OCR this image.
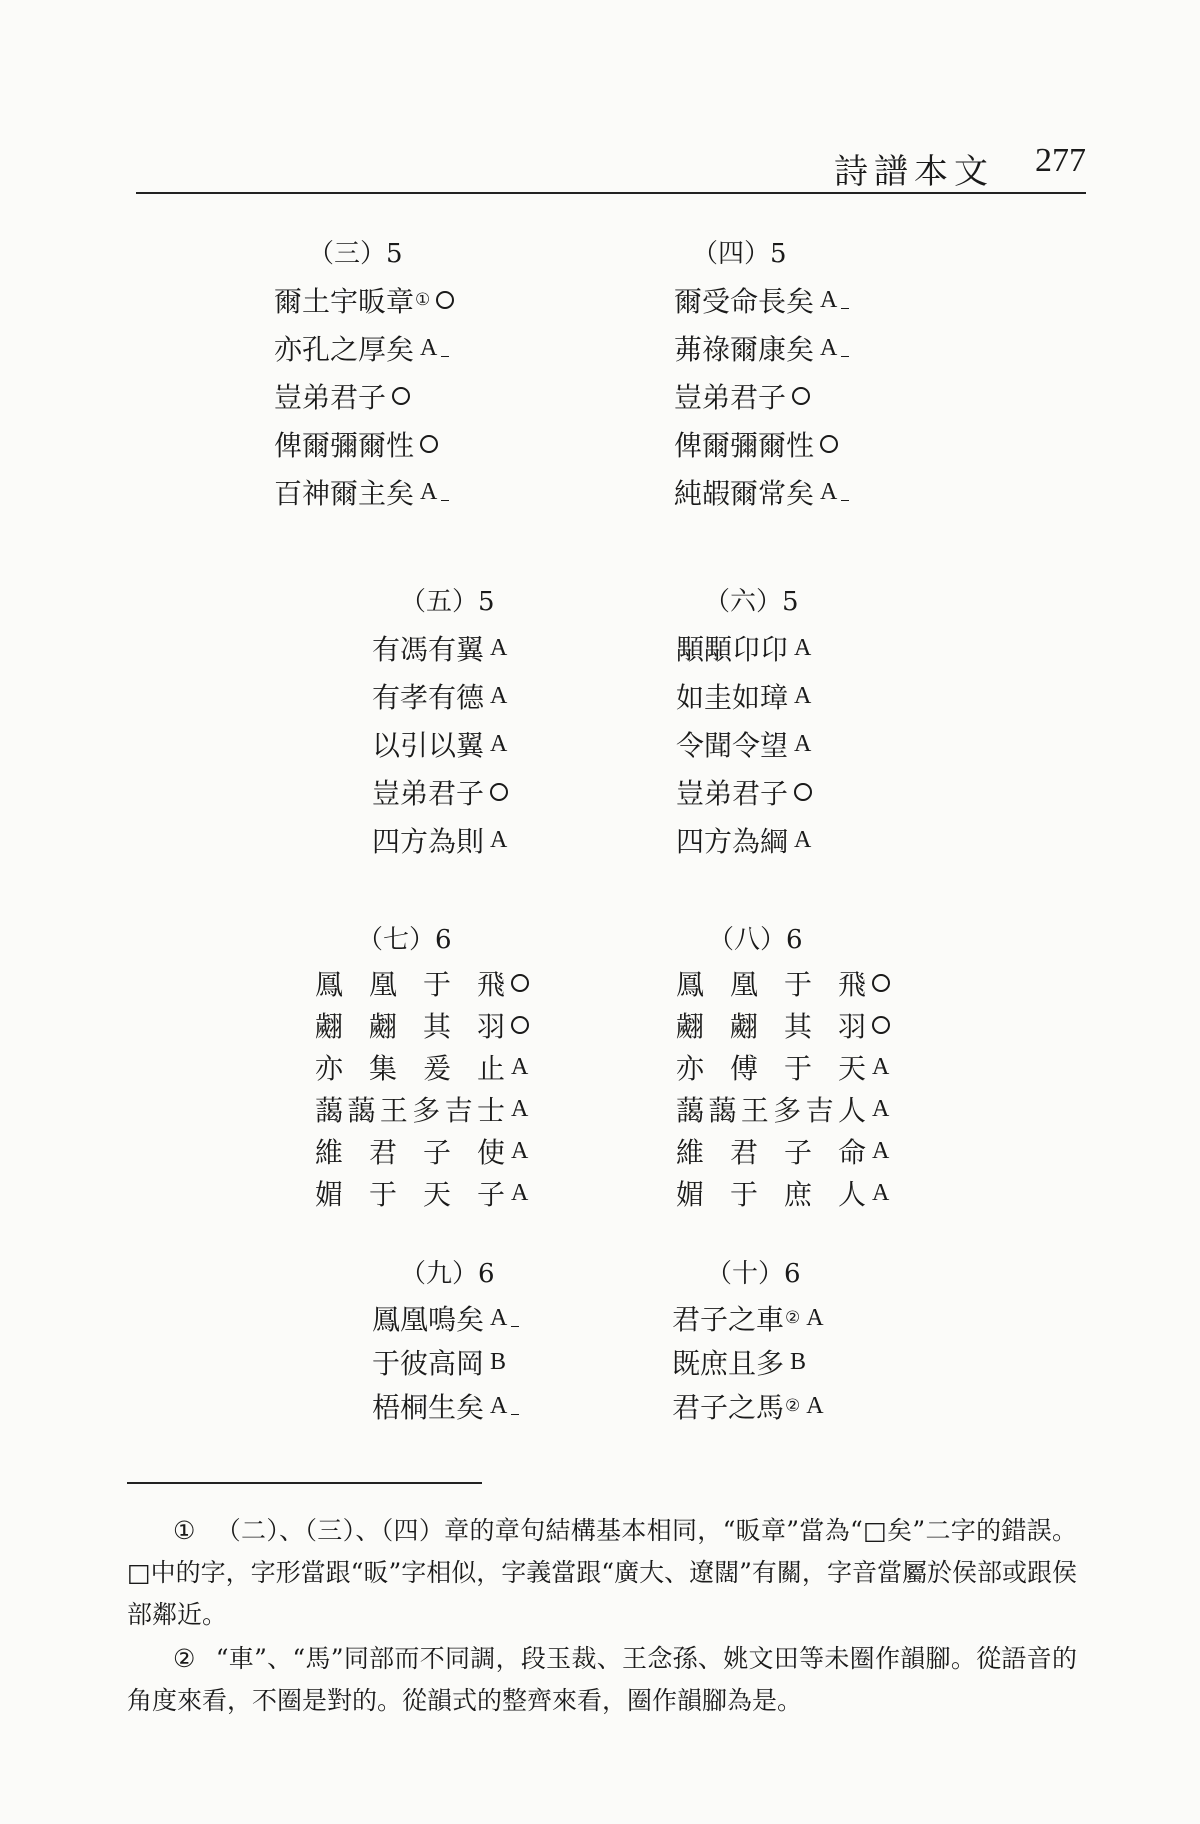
詩譜本文 277
（三）5
爾土宇昄章 ①
亦孔之厚矣 A
豈弟君子
俾爾彌爾性
百神爾主矣 A
（四）5
爾受命長矣 A
茀祿爾康矣 A
豈弟君子
俾爾彌爾性
純嘏爾常矣 A
（五）5
有馮有翼 A
有孝有德 A
以引以翼 A
豈弟君子
四方為則 A
（六）5
顒顒卬卬 A
如圭如璋 A
令聞令望 A
豈弟君子
四方為綱 A
（七）6
鳳 凰 于 飛
翽 翽 其 羽
亦 集 爰 止 A
藹 藹 王 多 吉 士 A
維 君 子 使 A
媚 于 天 子 A
（八）6
鳳 凰 于 飛
翽 翽 其 羽
亦 傅 于 天 A
藹 藹 王 多 吉 人 A
維 君 子 命 A
媚 于 庶 人 A
（九）6
鳳凰鳴矣 A
于彼高岡 B
梧桐生矣 A
（十）6
君子之車 ② A
既庶且多 B
君子之馬 ② A

① （二）、（三）、（四）章的章句結構基本相同，“昄章”當為“□矣”二字的錯誤。□中的字，字形當跟“昄”字相似，字義當跟“廣大、遼闊”有關，字音當屬於侯部或跟侯部鄰近。

② “車”、“馬”同部而不同調，段玉裁、王念孫、姚文田等未圈作韻腳。從語音的角度來看，不圈是對的。從韻式的整齊來看，圈作韻腳為是。
